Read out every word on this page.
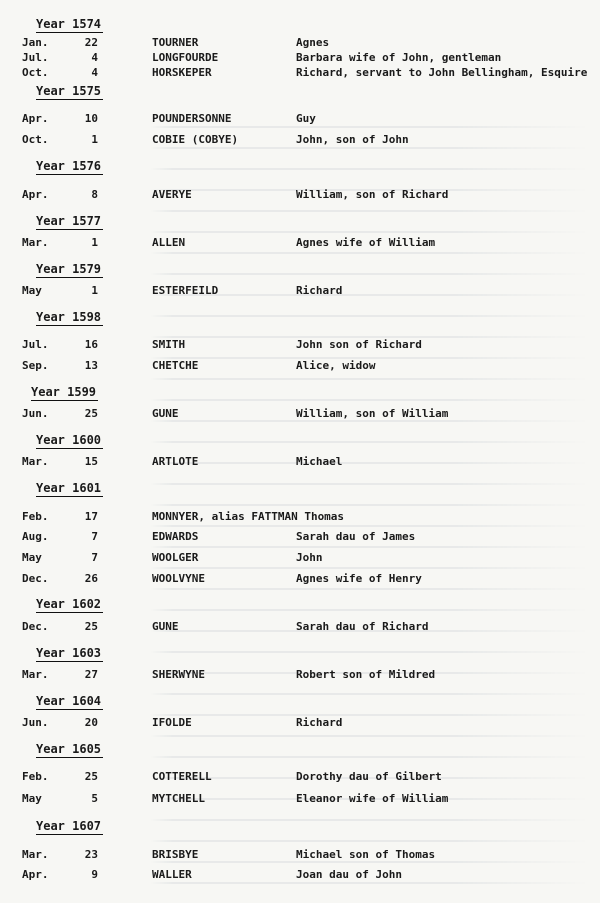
Year 1574
Jan.	22	TOURNER	Agnes
Jul.	4	LONGFOURDE	Barbara wife of John, gentleman
Oct.	4	HORSKEPER	Richard, servant to John Bellingham, Esquire
Year 1575
Apr.	10	POUNDERSONNE	Guy
Oct.	1	COBIE (COBYE)	John, son of John
Year 1576
Apr.	8	AVERYE	William, son of Richard
Year 1577
Mar.	1	ALLEN	Agnes wife of William
Year 1579
May	1	ESTERFEILD	Richard
Year 1598
Jul.	16	SMITH	John son of Richard
Sep.	13	CHETCHE	Alice, widow
Year 1599
Jun.	25	GUNE	William, son of William
Year 1600
Mar.	15	ARTLOTE	Michael
Year 1601
Feb.	17	MONNYER, alias FATTMAN Thomas
Aug.	7	EDWARDS	Sarah dau of James
May	7	WOOLGER	John
Dec.	26	WOOLVYNE	Agnes wife of Henry
Year 1602
Dec.	25	GUNE	Sarah dau of Richard
Year 1603
Mar.	27	SHERWYNE	Robert son of Mildred
Year 1604
Jun.	20	IFOLDE	Richard
Year 1605
Feb.	25	COTTERELL	Dorothy dau of Gilbert
May	5	MYTCHELL	Eleanor wife of William
Year 1607
Mar.	23	BRISBYE	Michael son of Thomas
Apr.	9	WALLER	Joan dau of John
